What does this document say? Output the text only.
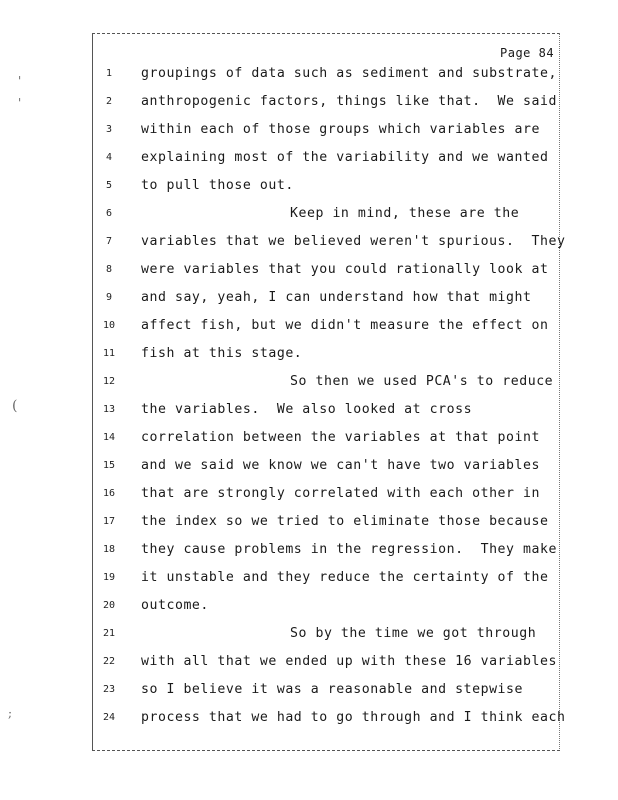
Page 84
1	groupings of data such as sediment and substrate,
2	anthropogenic factors, things like that.  We said
3	within each of those groups which variables are
4	explaining most of the variability and we wanted
5	to pull those out.
6	Keep in mind, these are the
7	variables that we believed weren't spurious.  They
8	were variables that you could rationally look at
9	and say, yeah, I can understand how that might
10 affect fish, but we didn't measure the effect on
11 fish at this stage.
12	So then we used PCA's to reduce
13 the variables.  We also looked at cross
14 correlation between the variables at that point
15 and we said we know we can't have two variables
16 that are strongly correlated with each other in
17 the index so we tried to eliminate those because
18 they cause problems in the regression.  They make
19 it unstable and they reduce the certainty of the
20 outcome.
21	So by the time we got through
22 with all that we ended up with these 16 variables
23 so I believe it was a reasonable and stepwise
24 process that we had to go through and I think each
'
'
(
;
